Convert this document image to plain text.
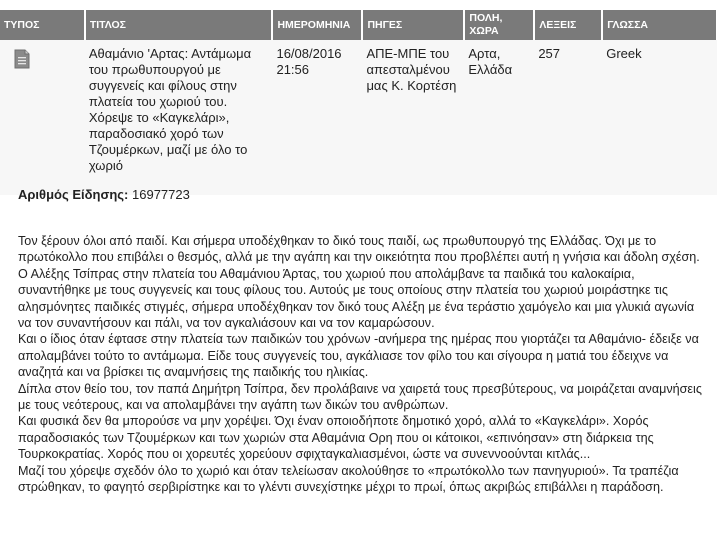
ΤΥΠΟΣ	ΤΙΤΛΟΣ	ΗΜΕΡΟΜΗΝΙΑ	ΠΗΓΕΣ	ΠΟΛΗ, ΧΩΡΑ	ΛΕΞΕΙΣ	ΓΛΩΣΣΑ
	Αθαμάνιο 'Αρτας: Αντάμωμα του πρωθυπουργού με συγγενείς και φίλους στην πλατεία του χωριού του. Χόρεψε το «Καγκελάρι», παραδοσιακό χορό των Τζουμέρκων, μαζί με όλο το χωριό	16/08/2016 21:56	ΑΠΕ-ΜΠΕ του απεσταλμένου μας Κ. Κορτέση	Αρτα, Ελλάδα	257	Greek
Αριθμός Είδησης: 16977723

Τον ξέρουν όλοι από παιδί. Και σήμερα υποδέχθηκαν το δικό τους παιδί, ως πρωθυπουργό της Ελλάδας. Όχι με το πρωτόκολλο που επιβάλει ο θεσμός, αλλά με την αγάπη και την οικειότητα που προβλέπει αυτή η γνήσια και άδολη σχέση.

Ο Αλέξης Τσίπρας στην πλατεία του Αθαμάνιου Άρτας, του χωριού που απολάμβανε τα παιδικά του καλοκαίρια, συναντήθηκε με τους συγγενείς και τους φίλους του. Αυτούς με τους οποίους στην πλατεία του χωριού μοιράστηκε τις αλησμόνητες παιδικές στιγμές, σήμερα υποδέχθηκαν τον δικό τους Αλέξη με ένα τεράστιο χαμόγελο και μια γλυκιά αγωνία να τον συναντήσουν και πάλι, να τον αγκαλιάσουν και να τον καμαρώσουν.

Και ο ίδιος όταν έφτασε στην πλατεία των παιδικών του χρόνων -ανήμερα της ημέρας που γιορτάζει τα Αθαμάνιο- έδειξε να απολαμβάνει τούτο το αντάμωμα. Είδε τους συγγενείς του, αγκάλιασε τον φίλο του και σίγουρα η ματιά του έδειχνε να αναζητά και να βρίσκει τις αναμνήσεις της παιδικής του ηλικίας.

Δίπλα στον θείο του, τον παπά Δημήτρη Τσίπρα, δεν προλάβαινε να χαιρετά τους πρεσβύτερους, να μοιράζεται αναμνήσεις με τους νεότερους, και να απολαμβάνει την αγάπη των δικών του ανθρώπων.

Και φυσικά δεν θα μπορούσε να μην χορέψει. Όχι έναν οποιοδήποτε δημοτικό χορό, αλλά το «Καγκελάρι». Χορός παραδοσιακός των Τζουμέρκων και των χωριών στα Αθαμάνια Ορη που οι κάτοικοι, «επινόησαν» στη διάρκεια της Τουρκοκρατίας. Χορός που οι χορευτές χορεύουν σφιχταγκαλιασμένοι, ώστε να συνεννοούνται κιτλάς...

Μαζί του χόρεψε σχεδόν όλο το χωριό και όταν τελείωσαν ακολούθησε το «πρωτόκολλο των πανηγυριού». Τα τραπέζια στρώθηκαν, το φαγητό σερβιρίστηκε και το γλέντι συνεχίστηκε μέχρι το πρωί, όπως ακριβώς επιβάλλει η παράδοση.
